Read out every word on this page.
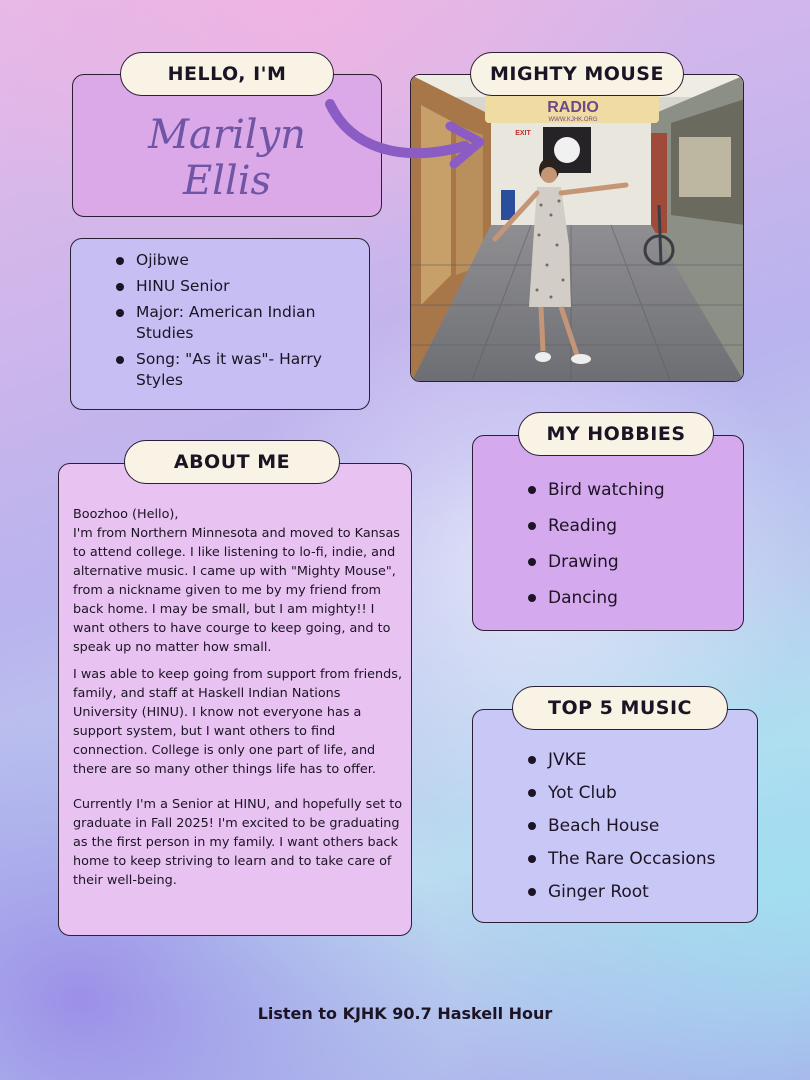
HELLO, I'M
Marilyn
Ellis
Ojibwe
HINU Senior
Major: American Indian Studies
Song: "As it was"- Harry Styles
RADIO
WWW.KJHK.ORG
EXIT
MIGHTY MOUSE
ABOUT ME

Boozhoo (Hello),

I'm from Northern Minnesota and moved to Kansas to attend college. I like listening to lo-fi, indie, and alternative music. I came up with "Mighty Mouse", from a nickname given to me by my friend from back home. I may be small, but I am mighty!! I want others to have courge to keep going, and to speak up no matter how small.

I was able to keep going from support from friends, family, and staff at Haskell Indian Nations University (HINU). I know not everyone has a support system, but I want others to find connection. College is only one part of life, and there are so many other things life has to offer.

Currently I'm a Senior at HINU, and hopefully set to graduate in Fall 2025! I'm excited to be graduating as the first person in my family. I want others back home to keep striving to learn and to take care of their well-being.

MY HOBBIES
Bird watching
Reading
Drawing
Dancing
TOP 5 MUSIC
JVKE
Yot Club
Beach House
The Rare Occasions
Ginger Root
Listen to KJHK 90.7 Haskell Hour
